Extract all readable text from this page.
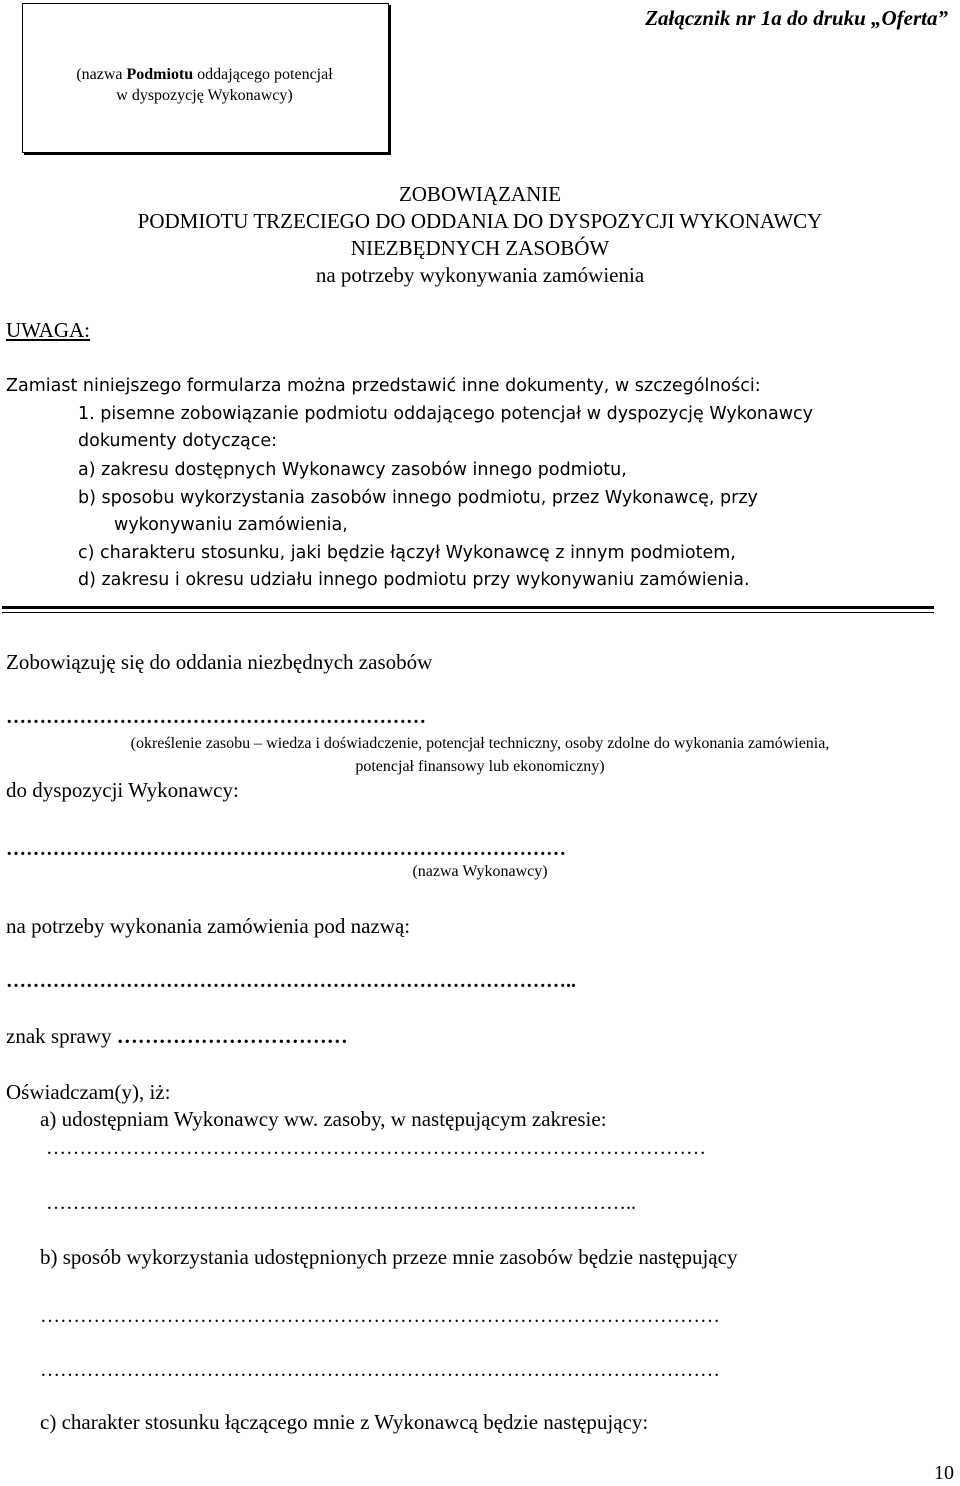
Załącznik nr 1a do druku „Oferta”
(nazwa Podmiotu oddającego potencjał
w dyspozycję Wykonawcy)
ZOBOWIĄZANIE
PODMIOTU TRZECIEGO DO ODDANIA DO DYSPOZYCJI WYKONAWCY
NIEZBĘDNYCH ZASOBÓW
na potrzeby wykonywania zamówienia
UWAGA:
Zamiast niniejszego formularza można przedstawić inne dokumenty, w szczególności:
1. pisemne zobowiązanie podmiotu oddającego potencjał w dyspozycję Wykonawcy
dokumenty dotyczące:
a) zakresu dostępnych Wykonawcy zasobów innego podmiotu,
b) sposobu wykorzystania zasobów innego podmiotu, przez Wykonawcę, przy
wykonywaniu zamówienia,
c) charakteru stosunku, jaki będzie łączył Wykonawcę z innym podmiotem,
d) zakresu i okresu udziału innego podmiotu przy wykonywaniu zamówienia.
Zobowiązuję się do oddania niezbędnych zasobów
………………………………………………………
(określenie zasobu – wiedza i doświadczenie, potencjał techniczny, osoby zdolne do wykonania zamówienia,
potencjał finansowy lub ekonomiczny)
do dyspozycji Wykonawcy:
…………………………………………………………………………
(nazwa Wykonawcy)
na potrzeby wykonania zamówienia pod nazwą:
…………………………………………………………………………..
znak sprawy ……………………………
Oświadczam(y), iż:
a) udostępniam Wykonawcy ww. zasoby, w następującym zakresie:
………………………………………………………………………………………
……………………………………………………………………………..
b) sposób wykorzystania udostępnionych przeze mnie zasobów będzie następujący
…………………………………………………………………………………………
…………………………………………………………………………………………
c) charakter stosunku łączącego mnie z Wykonawcą będzie następujący:
10
